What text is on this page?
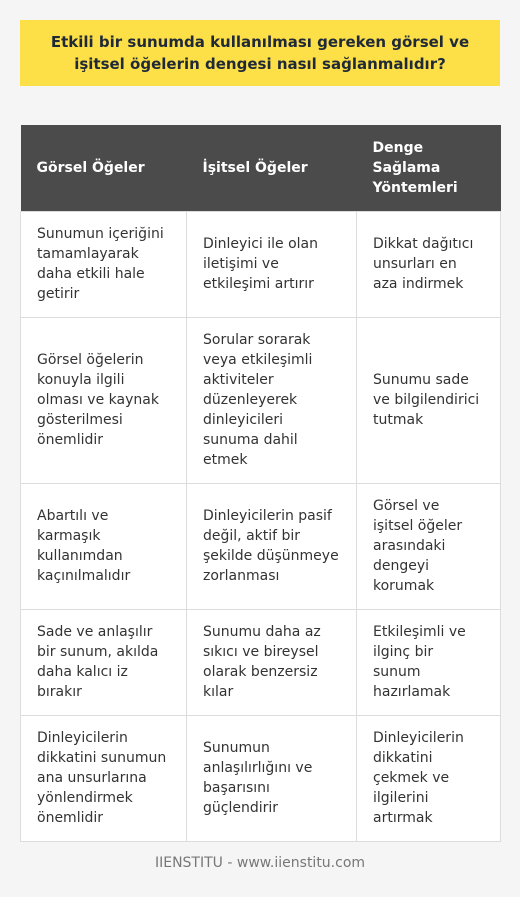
Etkili bir sunumda kullanılması gereken görsel ve işitsel öğelerin dengesi nasıl sağlanmalıdır?
Görsel Öğeler	İşitsel Öğeler	Denge Sağlama Yöntemleri
Sunumun içeriğini tamamlayarak daha etkili hale getirir	Dinleyici ile olan iletişimi ve etkileşimi artırır	Dikkat dağıtıcı unsurları en aza indirmek
Görsel öğelerin konuyla ilgili olması ve kaynak gösterilmesi önemlidir	Sorular sorarak veya etkileşimli aktiviteler düzenleyerek dinleyicileri sunuma dahil etmek	Sunumu sade ve bilgilendirici tutmak
Abartılı ve karmaşık kullanımdan kaçınılmalıdır	Dinleyicilerin pasif değil, aktif bir şekilde düşünmeye zorlanması	Görsel ve işitsel öğeler arasındaki dengeyi korumak
Sade ve anlaşılır bir sunum, akılda daha kalıcı iz bırakır	Sunumu daha az sıkıcı ve bireysel olarak benzersiz kılar	Etkileşimli ve ilginç bir sunum hazırlamak
Dinleyicilerin dikkatini sunumun ana unsurlarına yönlendirmek önemlidir	Sunumun anlaşılırlığını ve başarısını güçlendirir	Dinleyicilerin dikkatini çekmek ve ilgilerini artırmak
IIENSTITU - www.iienstitu.com
